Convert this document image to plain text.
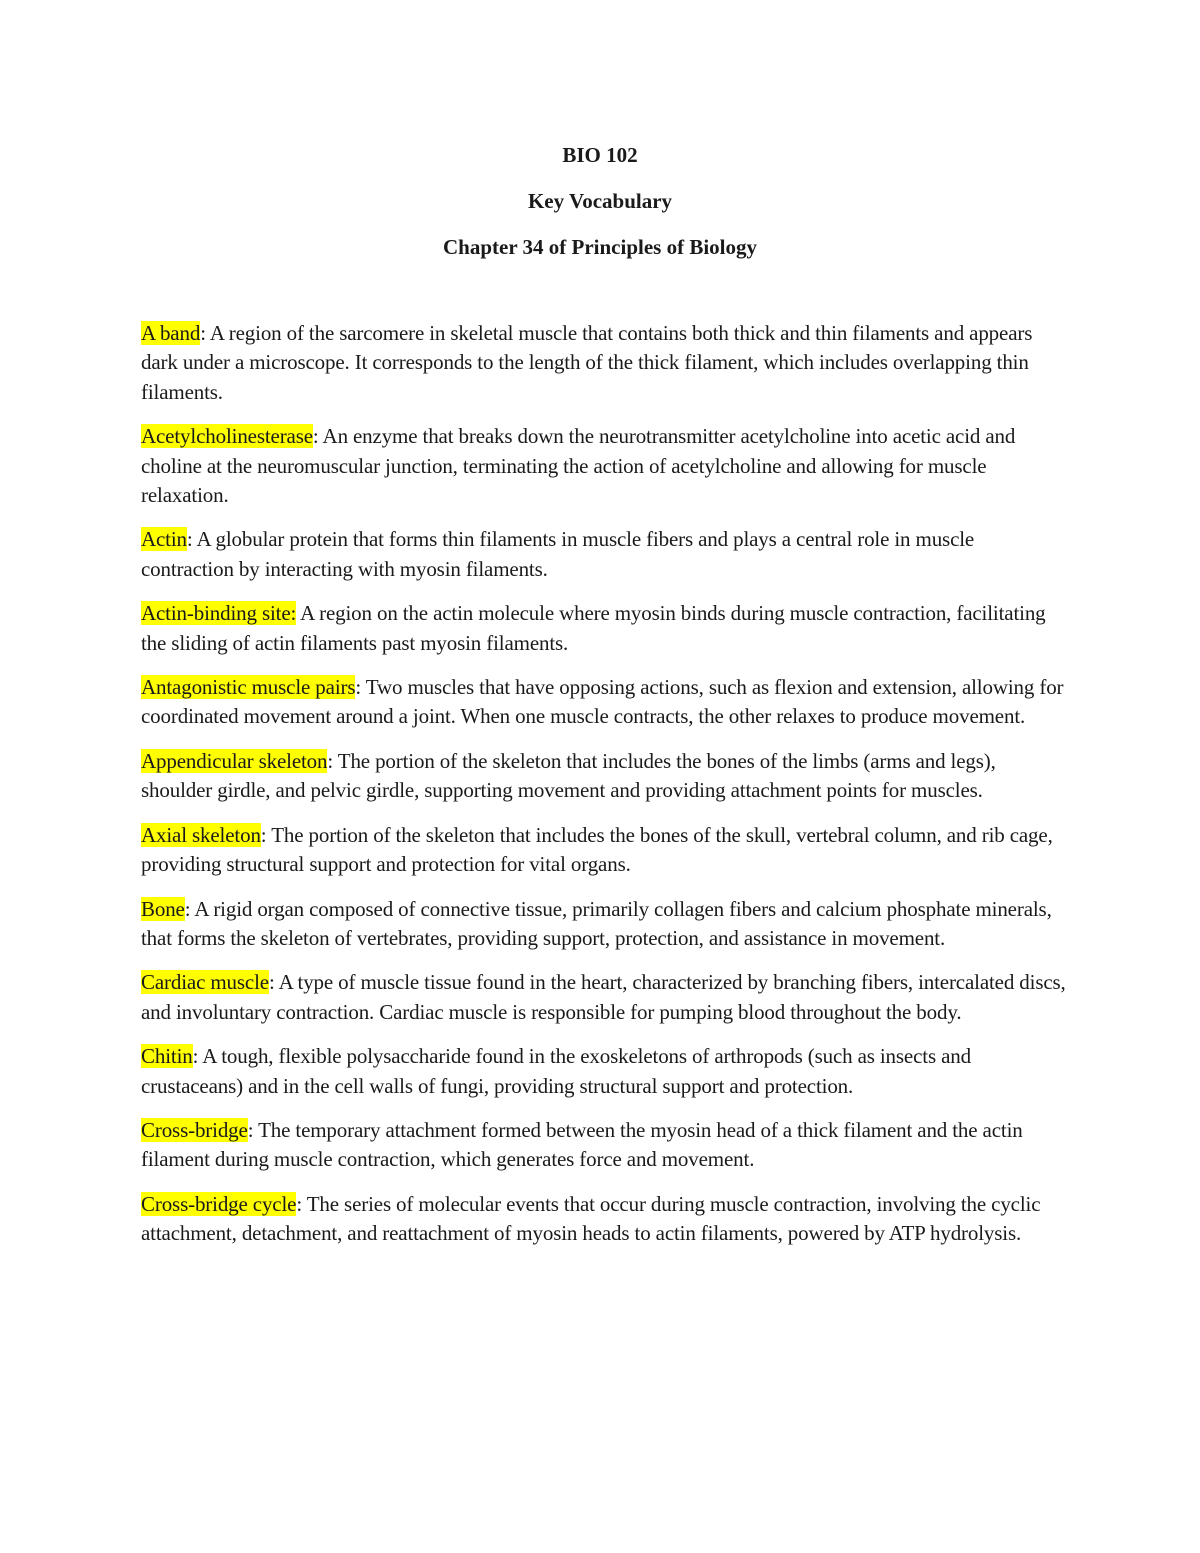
BIO 102
Key Vocabulary
Chapter 34 of Principles of Biology

A band: A region of the sarcomere in skeletal muscle that contains both thick and thin filaments and appears dark under a microscope. It corresponds to the length of the thick filament, which includes overlapping thin filaments.

Acetylcholinesterase: An enzyme that breaks down the neurotransmitter acetylcholine into acetic acid and choline at the neuromuscular junction, terminating the action of acetylcholine and allowing for muscle relaxation.

Actin: A globular protein that forms thin filaments in muscle fibers and plays a central role in muscle contraction by interacting with myosin filaments.

Actin-binding site: A region on the actin molecule where myosin binds during muscle contraction, facilitating the sliding of actin filaments past myosin filaments.

Antagonistic muscle pairs: Two muscles that have opposing actions, such as flexion and extension, allowing for coordinated movement around a joint. When one muscle contracts, the other relaxes to produce movement.

Appendicular skeleton: The portion of the skeleton that includes the bones of the limbs (arms and legs), shoulder girdle, and pelvic girdle, supporting movement and providing attachment points for muscles.

Axial skeleton: The portion of the skeleton that includes the bones of the skull, vertebral column, and rib cage, providing structural support and protection for vital organs.

Bone: A rigid organ composed of connective tissue, primarily collagen fibers and calcium phosphate minerals, that forms the skeleton of vertebrates, providing support, protection, and assistance in movement.

Cardiac muscle: A type of muscle tissue found in the heart, characterized by branching fibers, intercalated discs, and involuntary contraction. Cardiac muscle is responsible for pumping blood throughout the body.

Chitin: A tough, flexible polysaccharide found in the exoskeletons of arthropods (such as insects and crustaceans) and in the cell walls of fungi, providing structural support and protection.

Cross-bridge: The temporary attachment formed between the myosin head of a thick filament and the actin filament during muscle contraction, which generates force and movement.

Cross-bridge cycle: The series of molecular events that occur during muscle contraction, involving the cyclic attachment, detachment, and reattachment of myosin heads to actin filaments, powered by ATP hydrolysis.
